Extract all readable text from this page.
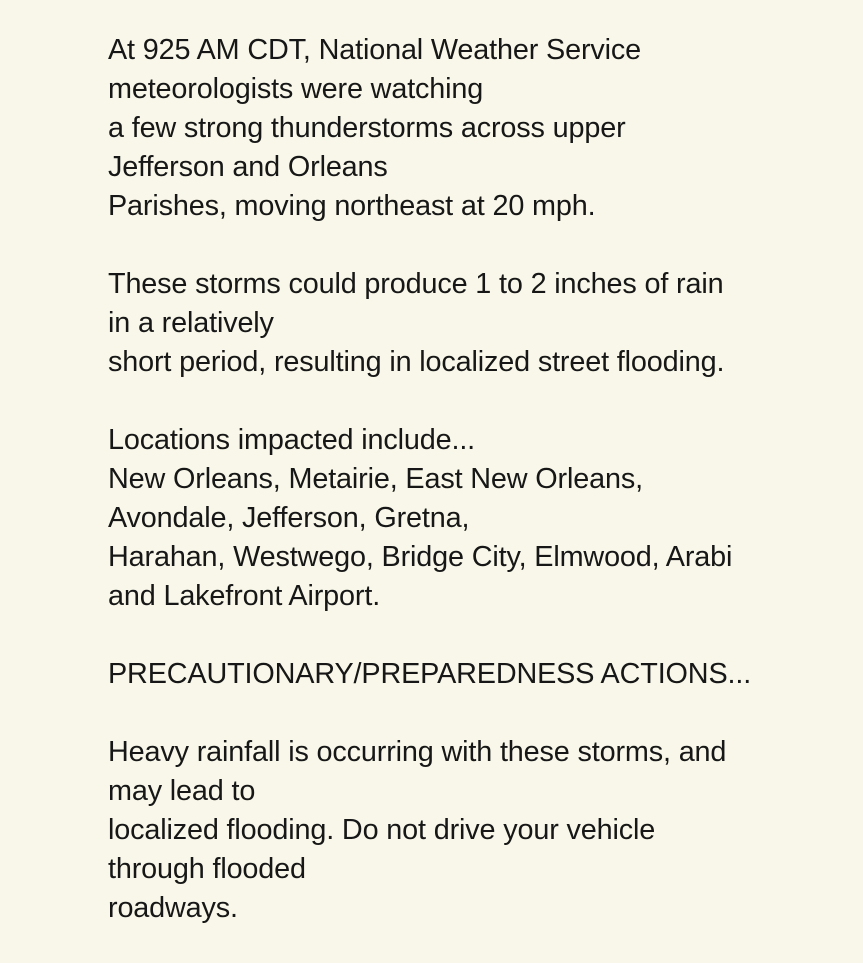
At 925 AM CDT, National Weather Service
meteorologists were watching
a few strong thunderstorms across upper
Jefferson and Orleans
Parishes, moving northeast at 20 mph.
These storms could produce 1 to 2 inches of rain
in a relatively
short period, resulting in localized street flooding.
Locations impacted include...
New Orleans, Metairie, East New Orleans,
Avondale, Jefferson, Gretna,
Harahan, Westwego, Bridge City, Elmwood, Arabi
and Lakefront Airport.
PRECAUTIONARY/PREPAREDNESS ACTIONS...
Heavy rainfall is occurring with these storms, and
may lead to
localized flooding. Do not drive your vehicle
through flooded
roadways.
